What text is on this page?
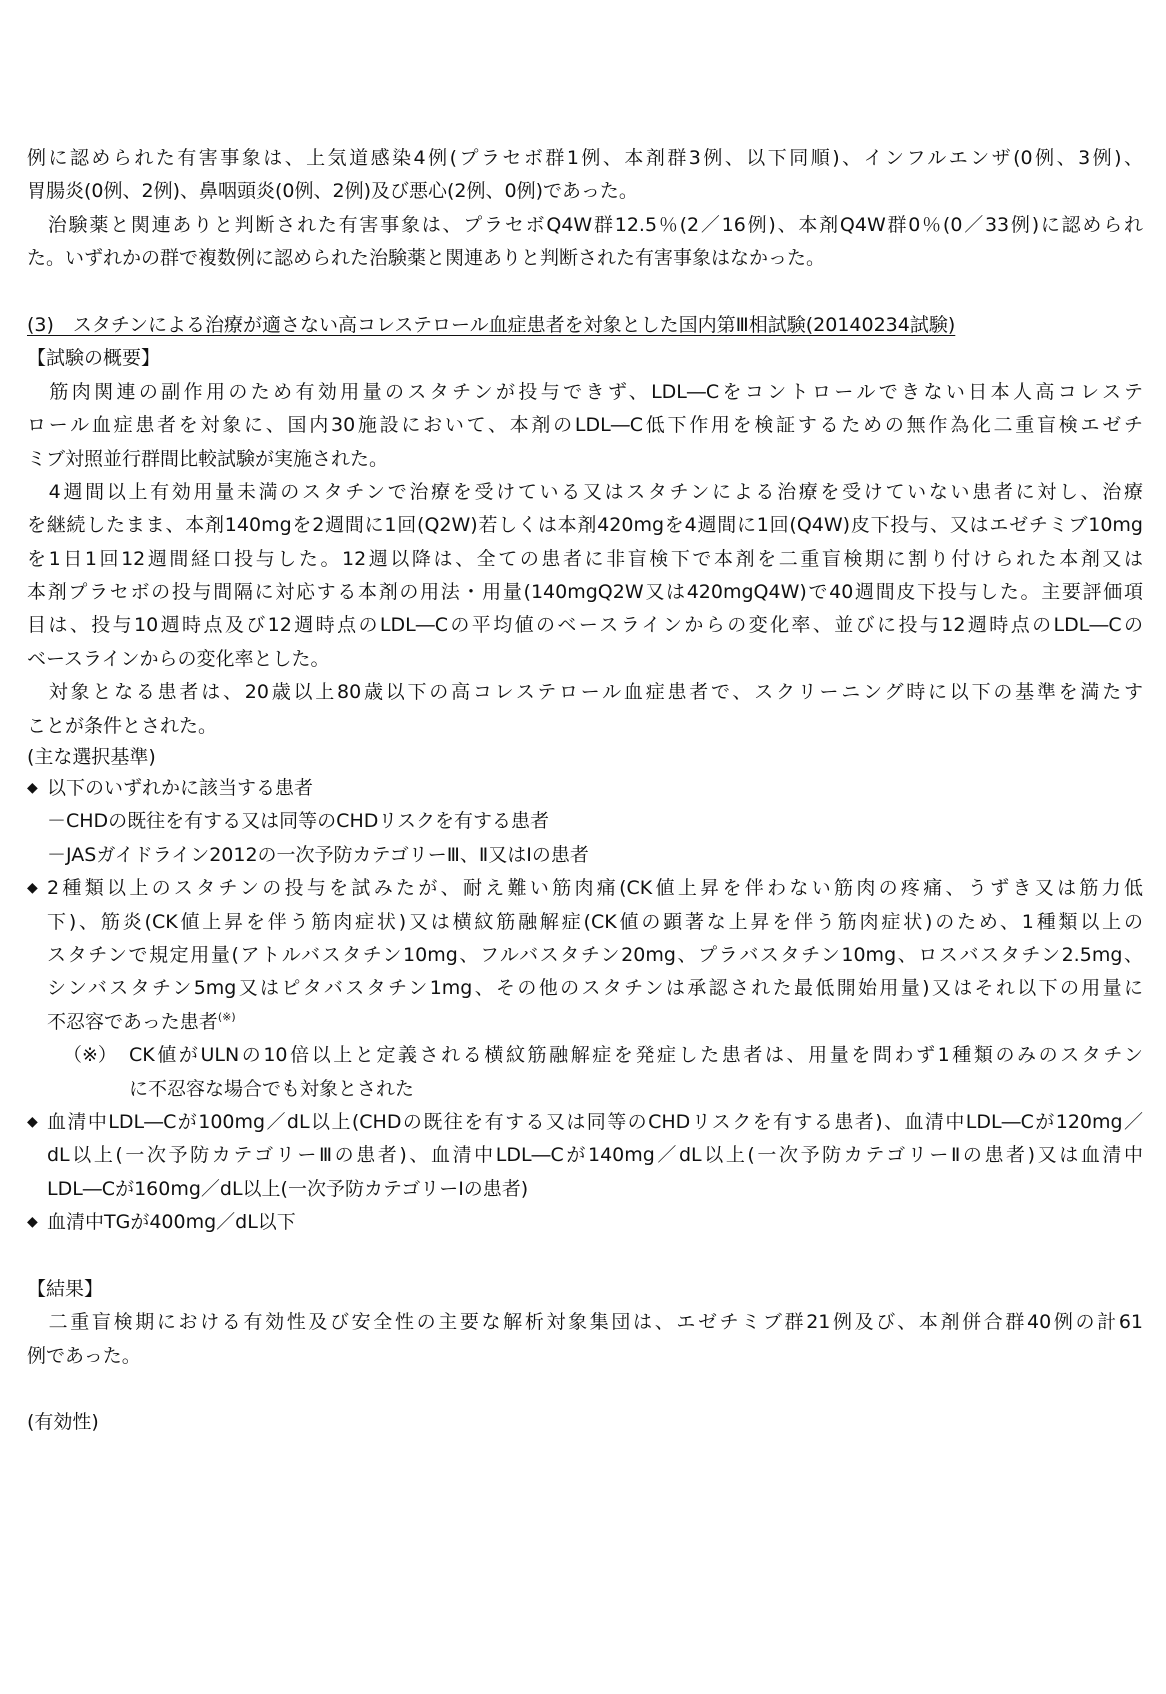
例に認められた有害事象は、上気道感染4例(プラセボ群1例、本剤群3例、以下同順)、インフルエンザ(0例、3例)、
胃腸炎(0例、2例)、鼻咽頭炎(0例、2例)及び悪心(2例、0例)であった。
　治験薬と関連ありと判断された有害事象は、プラセボQ4W群12.5％(2／16例)、本剤Q4W群0％(0／33例)に認められ
た。いずれかの群で複数例に認められた治験薬と関連ありと判断された有害事象はなかった。
(3)　スタチンによる治療が適さない高コレステロール血症患者を対象とした国内第Ⅲ相試験(20140234試験)
【試験の概要】
　筋肉関連の副作用のため有効用量のスタチンが投与できず、LDL―Cをコントロールできない日本人高コレステ
ロール血症患者を対象に、国内30施設において、本剤のLDL―C低下作用を検証するための無作為化二重盲検エゼチ
ミブ対照並行群間比較試験が実施された。
　4週間以上有効用量未満のスタチンで治療を受けている又はスタチンによる治療を受けていない患者に対し、治療
を継続したまま、本剤140mgを2週間に1回(Q2W)若しくは本剤420mgを4週間に1回(Q4W)皮下投与、又はエゼチミブ10mg
を1日1回12週間経口投与した。12週以降は、全ての患者に非盲検下で本剤を二重盲検期に割り付けられた本剤又は
本剤プラセボの投与間隔に対応する本剤の用法・用量(140mgQ2W又は420mgQ4W)で40週間皮下投与した。主要評価項
目は、投与10週時点及び12週時点のLDL―Cの平均値のベースラインからの変化率、並びに投与12週時点のLDL―Cの
ベースラインからの変化率とした。
　対象となる患者は、20歳以上80歳以下の高コレステロール血症患者で、スクリーニング時に以下の基準を満たす
ことが条件とされた。
(主な選択基準)
◆ 以下のいずれかに該当する患者
－CHDの既往を有する又は同等のCHDリスクを有する患者
－JASガイドライン2012の一次予防カテゴリーⅢ、Ⅱ又はⅠの患者
◆ 2種類以上のスタチンの投与を試みたが、耐え難い筋肉痛(CK値上昇を伴わない筋肉の疼痛、うずき又は筋力低
下)、筋炎(CK値上昇を伴う筋肉症状)又は横紋筋融解症(CK値の顕著な上昇を伴う筋肉症状)のため、1種類以上の
スタチンで規定用量(アトルバスタチン10mg、フルバスタチン20mg、プラバスタチン10mg、ロスバスタチン2.5mg、
シンバスタチン5mg又はピタバスタチン1mg、その他のスタチンは承認された最低開始用量)又はそれ以下の用量に
不忍容であった患者(※)
（※） CK値がULNの10倍以上と定義される横紋筋融解症を発症した患者は、用量を問わず1種類のみのスタチン
に不忍容な場合でも対象とされた
◆ 血清中LDL―Cが100mg／dL以上(CHDの既往を有する又は同等のCHDリスクを有する患者)、血清中LDL―Cが120mg／
dL以上(一次予防カテゴリーⅢの患者)、血清中LDL―Cが140mg／dL以上(一次予防カテゴリーⅡの患者)又は血清中
LDL―Cが160mg／dL以上(一次予防カテゴリーⅠの患者)
◆ 血清中TGが400mg／dL以下
【結果】
　二重盲検期における有効性及び安全性の主要な解析対象集団は、エゼチミブ群21例及び、本剤併合群40例の計61
例であった。
(有効性)
